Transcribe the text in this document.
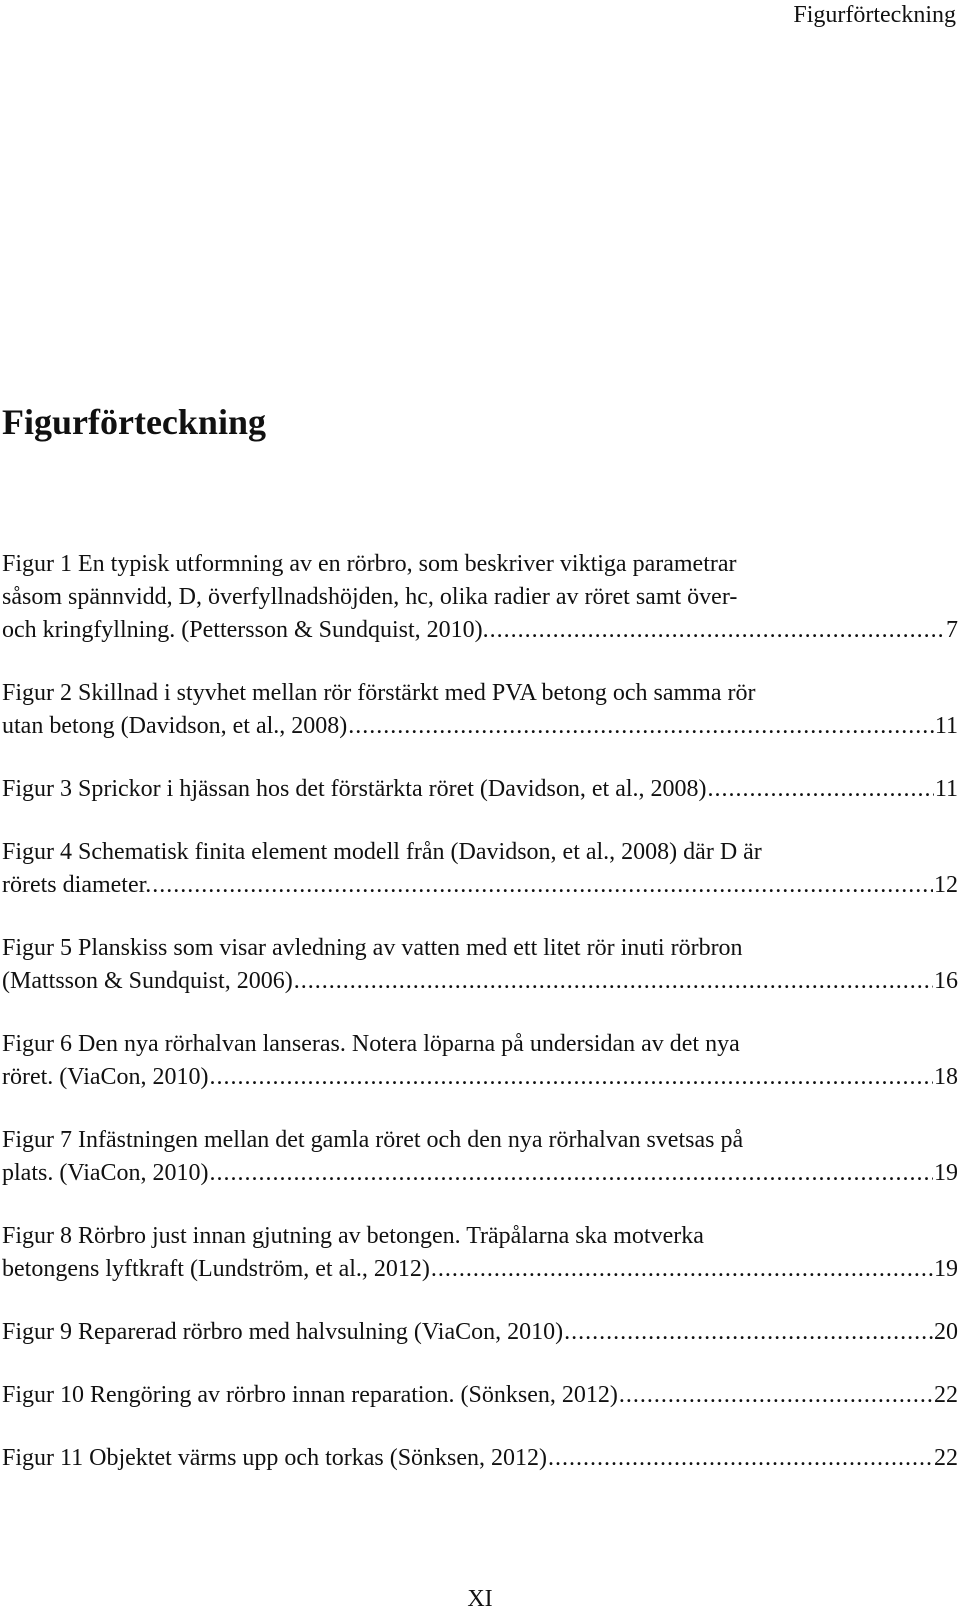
Figurförteckning
Figurförteckning
Figur 1 En typisk utformning av en rörbro, som beskriver viktiga parametrar
såsom spännvidd, D, överfyllnadshöjden, hc, olika radier av röret samt över-
och kringfyllning. (Pettersson & Sundquist, 2010). .....	7
Figur 2 Skillnad i styvhet mellan rör förstärkt med PVA betong och samma rör
utan betong (Davidson, et al., 2008) .....	11
Figur 3 Sprickor i hjässan hos det förstärkta röret (Davidson, et al., 2008) .....	11
Figur 4 Schematisk finita element modell från (Davidson, et al., 2008) där D är
rörets diameter. .....	12
Figur 5 Planskiss som visar avledning av vatten med ett litet rör inuti rörbron
(Mattsson & Sundquist, 2006) .....	16
Figur 6 Den nya rörhalvan lanseras. Notera löparna på undersidan av det nya
röret. (ViaCon, 2010) .....	18
Figur 7 Infästningen mellan det gamla röret och den nya rörhalvan svetsas på
plats. (ViaCon, 2010) .....	19
Figur 8 Rörbro just innan gjutning av betongen. Träpålarna ska motverka
betongens lyftkraft (Lundström, et al., 2012) .....	19
Figur 9 Reparerad rörbro med halvsulning (ViaCon, 2010) .....	20
Figur 10 Rengöring av rörbro innan reparation. (Sönksen, 2012) .....	22
Figur 11 Objektet värms upp och torkas (Sönksen, 2012) .....	22
XI
